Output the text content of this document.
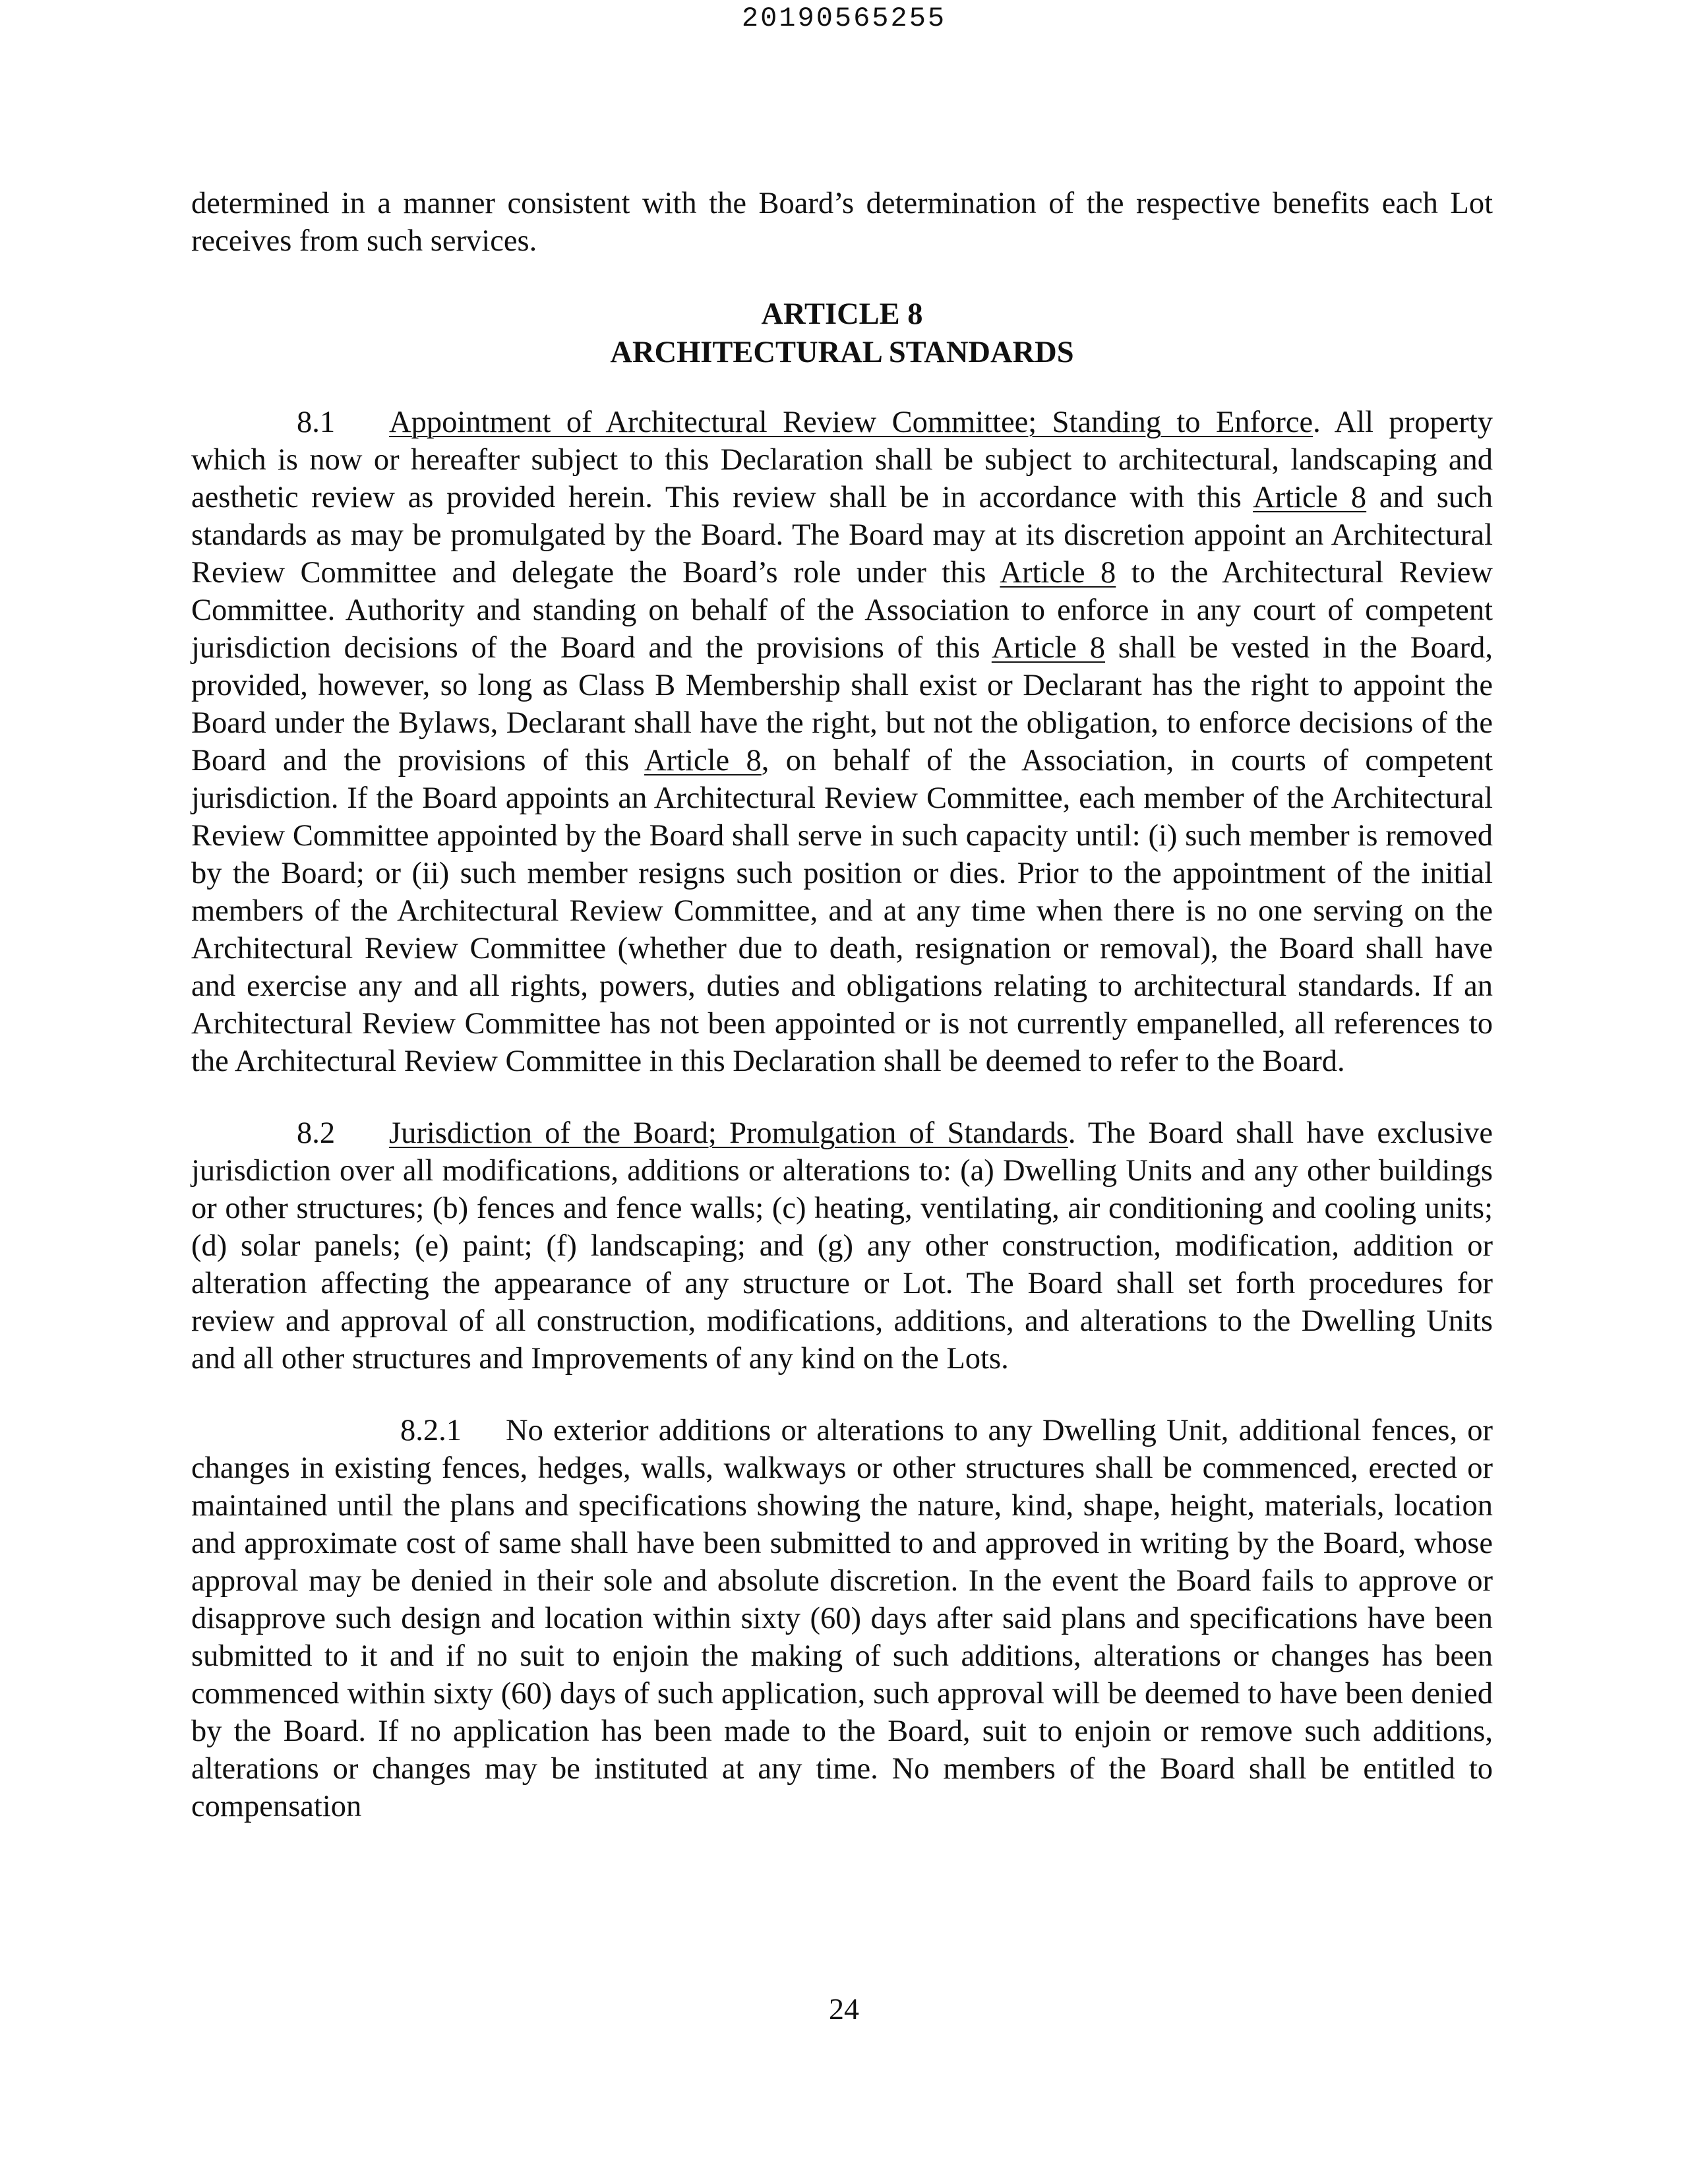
20190565255

determined in a manner consistent with the Board’s determination of the respective benefits each Lot receives from such services.

ARTICLE 8
ARCHITECTURAL STANDARDS

8.1 Appointment of Architectural Review Committee; Standing to Enforce. All property which is now or hereafter subject to this Declaration shall be subject to architectural, landscaping and aesthetic review as provided herein. This review shall be in accordance with this Article 8 and such standards as may be promulgated by the Board. The Board may at its discretion appoint an Architectural Review Committee and delegate the Board’s role under this Article 8 to the Architectural Review Committee. Authority and standing on behalf of the Association to enforce in any court of competent jurisdiction decisions of the Board and the provisions of this Article 8 shall be vested in the Board, provided, however, so long as Class B Membership shall exist or Declarant has the right to appoint the Board under the Bylaws, Declarant shall have the right, but not the obligation, to enforce decisions of the Board and the provisions of this Article 8, on behalf of the Association, in courts of competent jurisdiction. If the Board appoints an Architectural Review Committee, each member of the Architectural Review Committee appointed by the Board shall serve in such capacity until: (i) such member is removed by the Board; or (ii) such member resigns such position or dies. Prior to the appointment of the initial members of the Architectural Review Committee, and at any time when there is no one serving on the Architectural Review Committee (whether due to death, resignation or removal), the Board shall have and exercise any and all rights, powers, duties and obligations relating to architectural standards. If an Architectural Review Committee has not been appointed or is not currently empanelled, all references to the Architectural Review Committee in this Declaration shall be deemed to refer to the Board.

8.2 Jurisdiction of the Board; Promulgation of Standards. The Board shall have exclusive jurisdiction over all modifications, additions or alterations to: (a) Dwelling Units and any other buildings or other structures; (b) fences and fence walls; (c) heating, ventilating, air conditioning and cooling units; (d) solar panels; (e) paint; (f) landscaping; and (g) any other construction, modification, addition or alteration affecting the appearance of any structure or Lot. The Board shall set forth procedures for review and approval of all construction, modifications, additions, and alterations to the Dwelling Units and all other structures and Improvements of any kind on the Lots.

8.2.1 No exterior additions or alterations to any Dwelling Unit, additional fences, or changes in existing fences, hedges, walls, walkways or other structures shall be commenced, erected or maintained until the plans and specifications showing the nature, kind, shape, height, materials, location and approximate cost of same shall have been submitted to and approved in writing by the Board, whose approval may be denied in their sole and absolute discretion. In the event the Board fails to approve or disapprove such design and location within sixty (60) days after said plans and specifications have been submitted to it and if no suit to enjoin the making of such additions, alterations or changes has been commenced within sixty (60) days of such application, such approval will be deemed to have been denied by the Board. If no application has been made to the Board, suit to enjoin or remove such additions, alterations or changes may be instituted at any time. No members of the Board shall be entitled to compensation

24
